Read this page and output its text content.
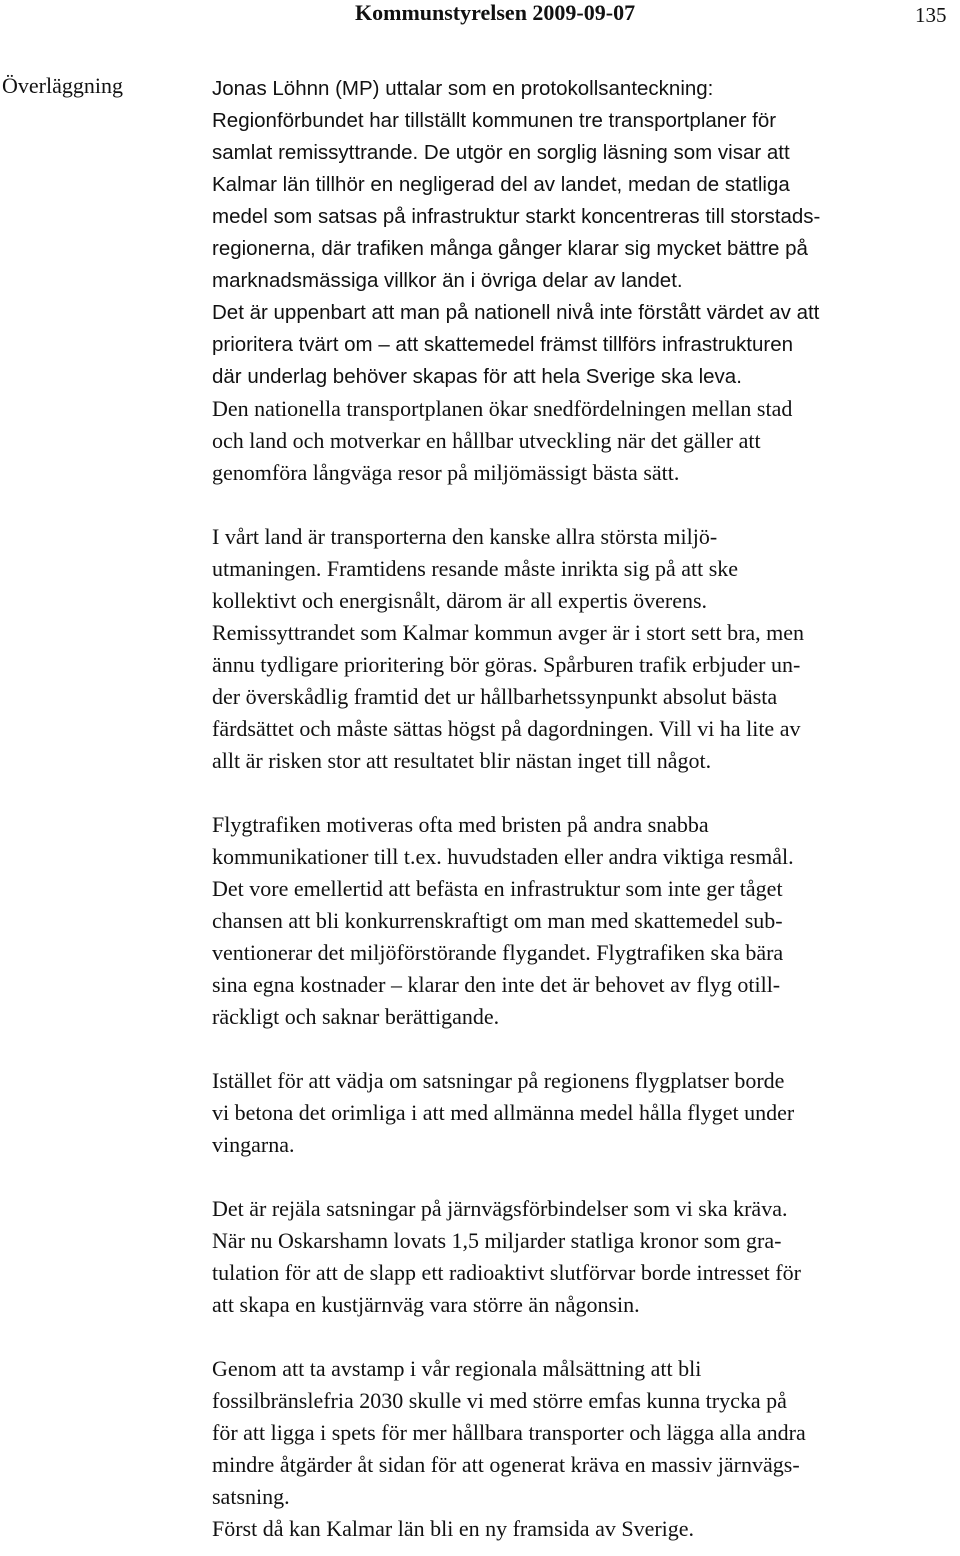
Kommunstyrelsen 2009-09-07	135
Överläggning	Jonas Löhnn (MP) uttalar som en protokollsanteckning:
Regionförbundet har tillställt kommunen tre transportplaner för
samlat remissyttrande. De utgör en sorglig läsning som visar att
Kalmar län tillhör en negligerad del av landet, medan de statliga
medel som satsas på infrastruktur starkt koncentreras till storstads-
regionerna, där trafiken många gånger klarar sig mycket bättre på
marknadsmässiga villkor än i övriga delar av landet.
Det är uppenbart att man på nationell nivå inte förstått värdet av att
prioritera tvärt om – att skattemedel främst tillförs infrastrukturen
där underlag behöver skapas för att hela Sverige ska leva.
Den nationella transportplanen ökar snedfördelningen mellan stad
och land och motverkar en hållbar utveckling när det gäller att
genomföra långväga resor på miljömässigt bästa sätt.
I vårt land är transporterna den kanske allra största miljö-
utmaningen. Framtidens resande måste inrikta sig på att ske
kollektivt och energisnålt, därom är all expertis överens.
Remissyttrandet som Kalmar kommun avger är i stort sett bra, men
ännu tydligare prioritering bör göras. Spårburen trafik erbjuder un-
der överskådlig framtid det ur hållbarhetssynpunkt absolut bästa
färdsättet och måste sättas högst på dagordningen. Vill vi ha lite av
allt är risken stor att resultatet blir nästan inget till något.
Flygtrafiken motiveras ofta med bristen på andra snabba
kommunikationer till t.ex. huvudstaden eller andra viktiga resmål.
Det vore emellertid att befästa en infrastruktur som inte ger tåget
chansen att bli konkurrenskraftigt om man med skattemedel sub-
ventionerar det miljöförstörande flygandet. Flygtrafiken ska bära
sina egna kostnader – klarar den inte det är behovet av flyg otill-
räckligt och saknar berättigande.
Istället för att vädja om satsningar på regionens flygplatser borde
vi betona det orimliga i att med allmänna medel hålla flyget under
vingarna.
Det är rejäla satsningar på järnvägsförbindelser som vi ska kräva.
När nu Oskarshamn lovats 1,5 miljarder statliga kronor som gra-
tulation för att de slapp ett radioaktivt slutförvar borde intresset för
att skapa en kustjärnväg vara större än någonsin.
Genom att ta avstamp i vår regionala målsättning att bli
fossilbränslefria 2030 skulle vi med större emfas kunna trycka på
för att ligga i spets för mer hållbara transporter och lägga alla andra
mindre åtgärder åt sidan för att ogenerat kräva en massiv järnvägs-
satsning.
Först då kan Kalmar län bli en ny framsida av Sverige.
